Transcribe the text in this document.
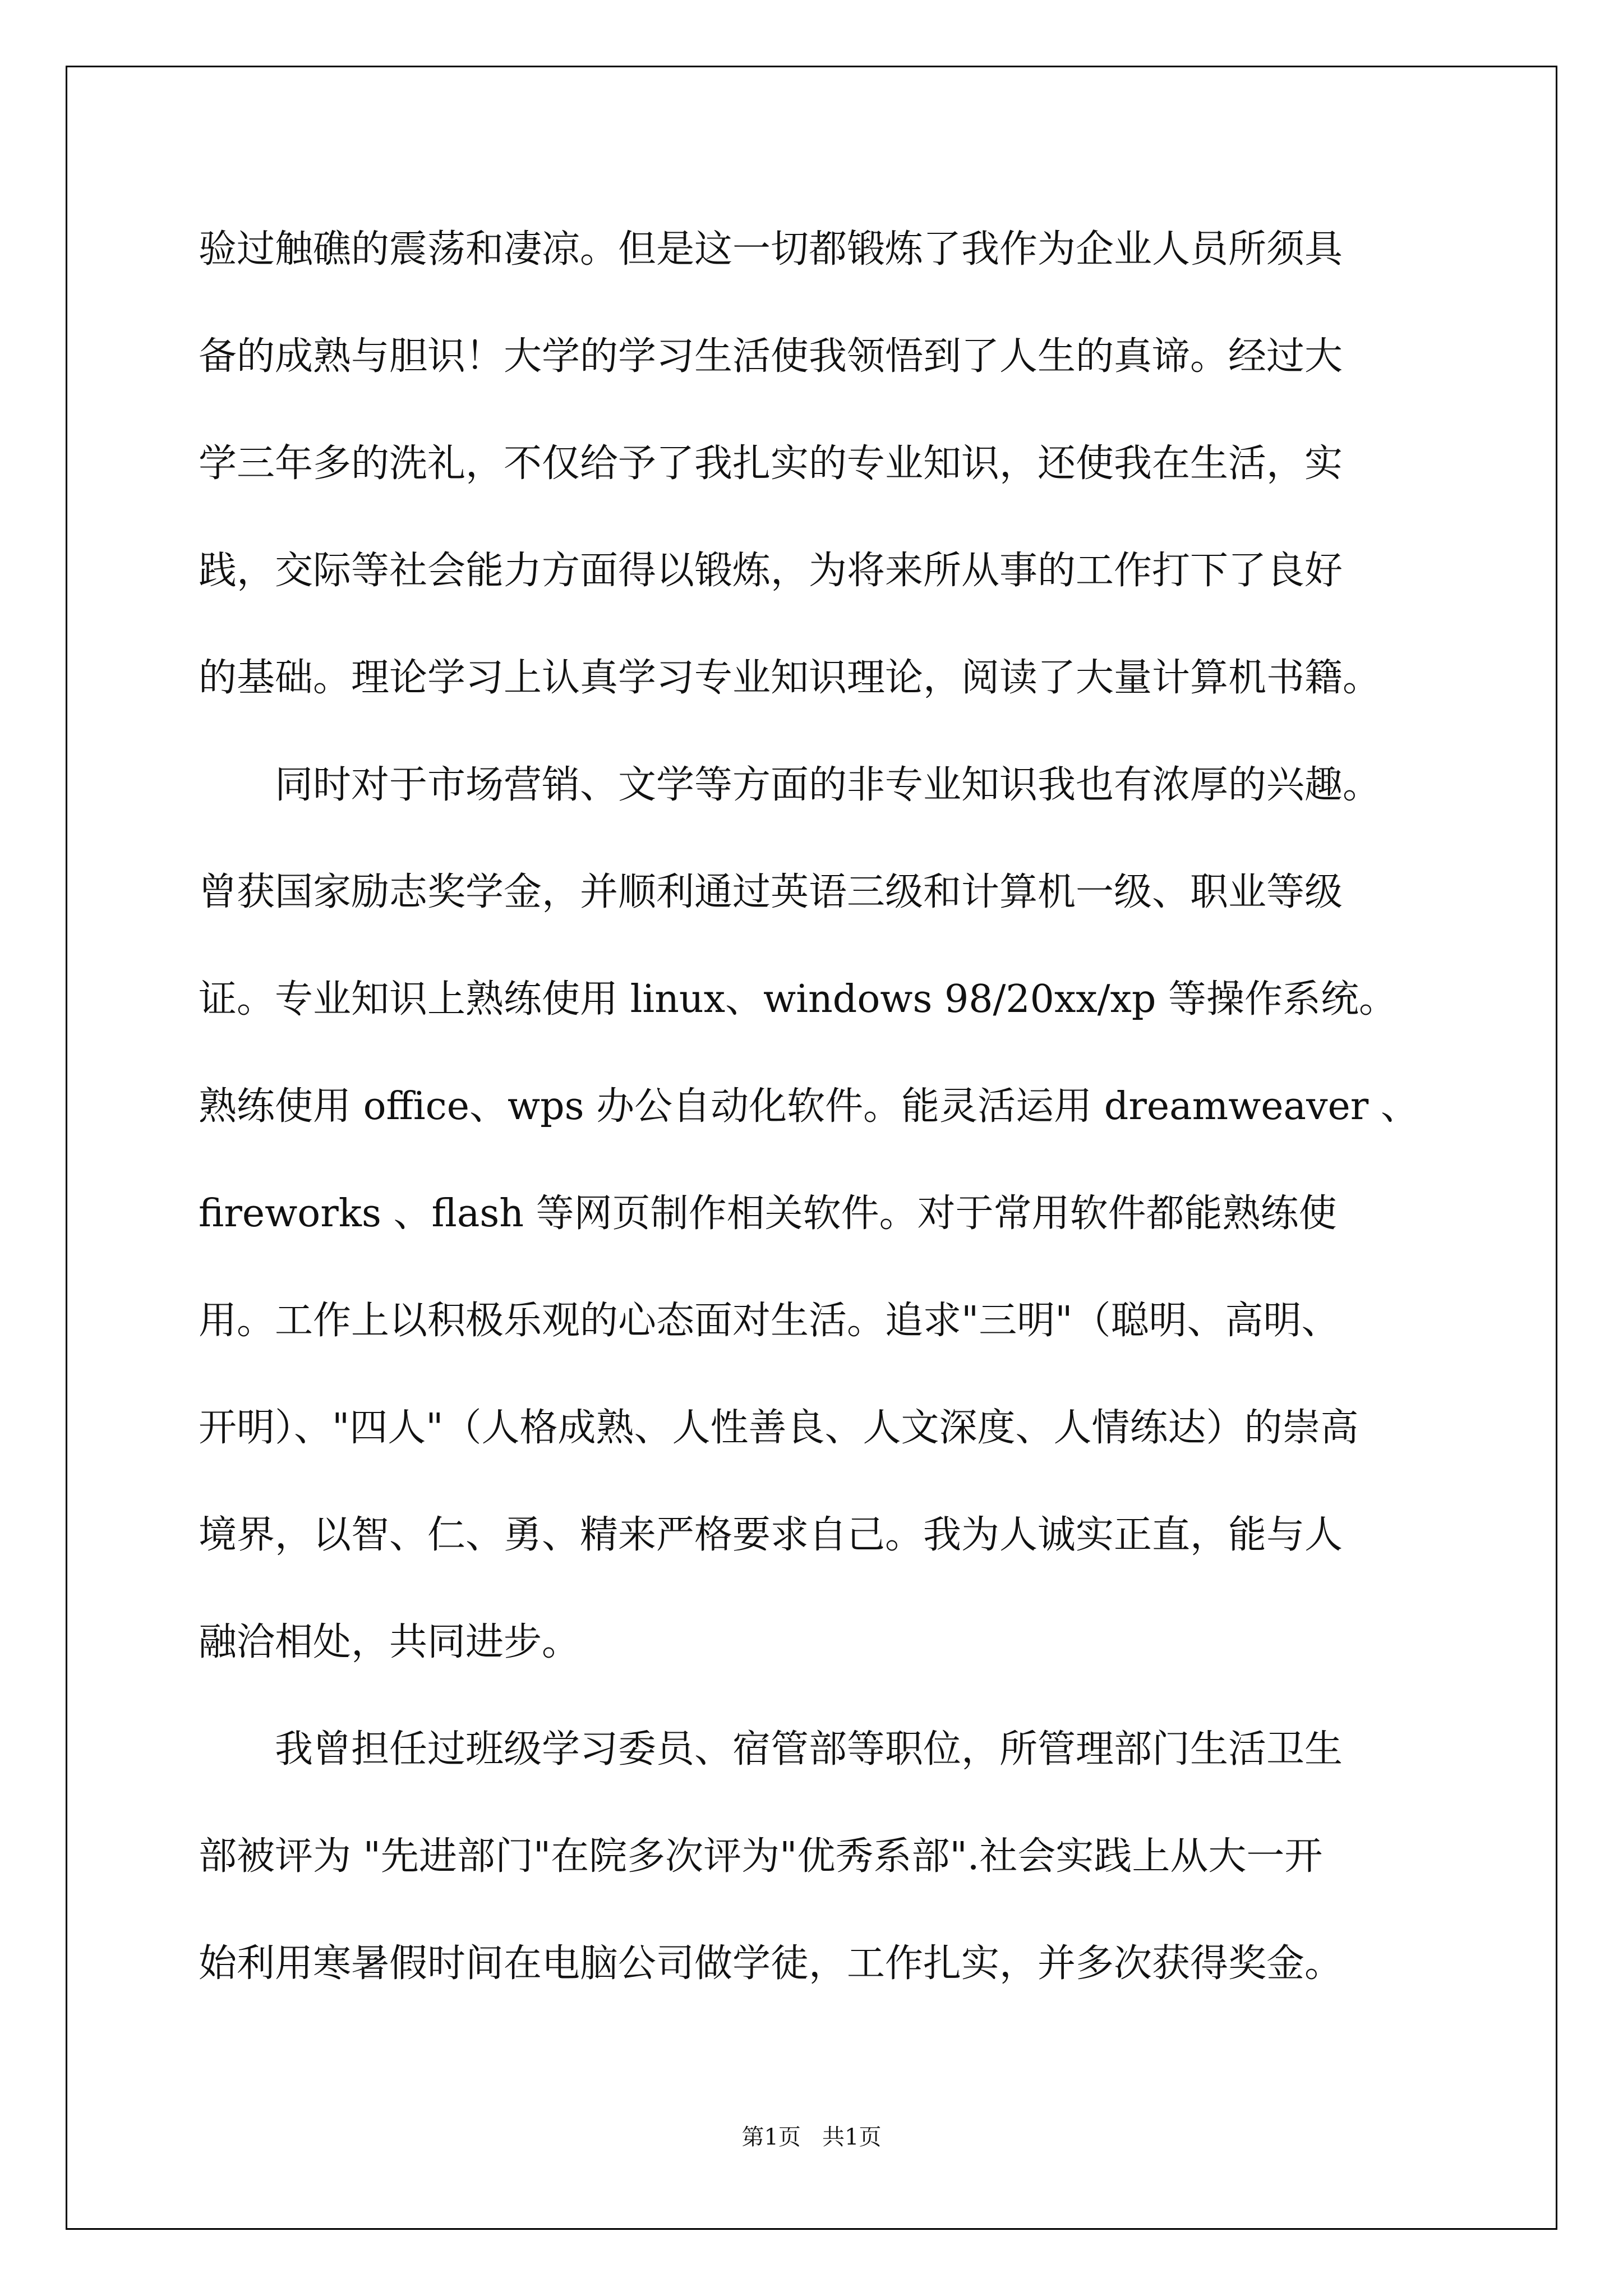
验过触礁的震荡和凄凉。但是这一切都锻炼了我作为企业人员所须具
备的成熟与胆识！大学的学习生活使我领悟到了人生的真谛。经过大
学三年多的洗礼，不仅给予了我扎实的专业知识，还使我在生活，实
践，交际等社会能力方面得以锻炼，为将来所从事的工作打下了良好
的基础。理论学习上认真学习专业知识理论，阅读了大量计算机书籍。
同时对于市场营销、文学等方面的非专业知识我也有浓厚的兴趣。
曾获国家励志奖学金，并顺利通过英语三级和计算机一级、职业等级
证。专业知识上熟练使用 linux、windows 98/20xx/xp 等操作系统。
熟练使用 office、wps 办公自动化软件。能灵活运用 dreamweaver 、
fireworks 、flash 等网页制作相关软件。对于常用软件都能熟练使
用。工作上以积极乐观的心态面对生活。追求"三明"（聪明、高明、
开明）、"四人"（人格成熟、人性善良、人文深度、人情练达）的崇高
境界，以智、仁、勇、精来严格要求自己。我为人诚实正直，能与人
融洽相处，共同进步。
我曾担任过班级学习委员、宿管部等职位，所管理部门生活卫生
部被评为 "先进部门"在院多次评为"优秀系部".社会实践上从大一开
始利用寒暑假时间在电脑公司做学徒，工作扎实，并多次获得奖金。
第1页   共1页
